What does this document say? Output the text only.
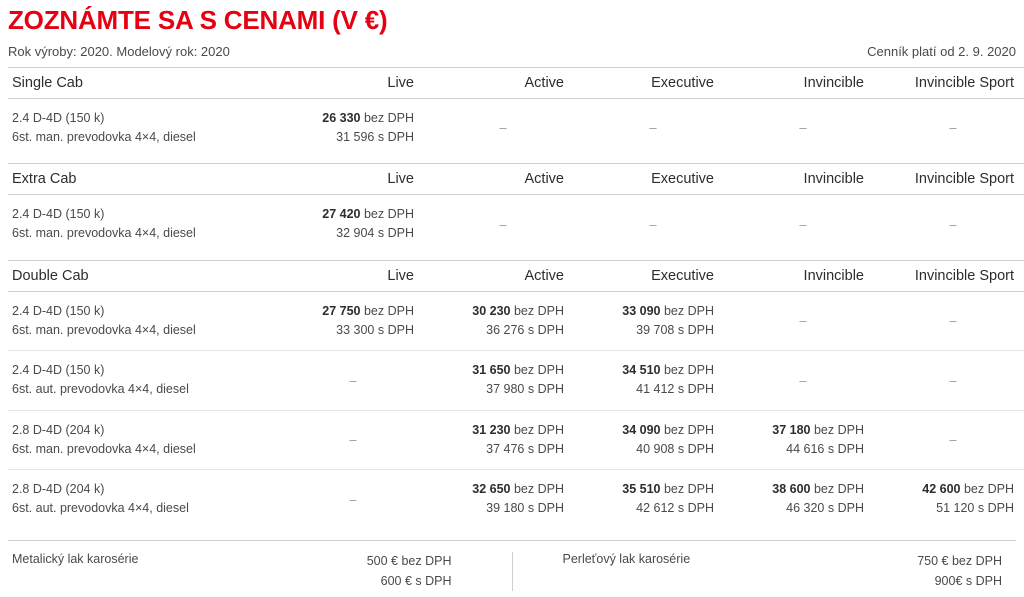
ZOZNÁMTE SA S CENAMI (V €)
Rok výroby: 2020. Modelový rok: 2020	Cenník platí od 2. 9. 2020
Single Cab	Live	Active	Executive	Invincible	Invincible Sport

2.4 D-4D (150 k)
6st. man. prevodovka 4×4, diesel

26 330 bez DPH
31 596 s DPH
	–	–	–	–

Extra Cab	Live	Active	Executive	Invincible	Invincible Sport

2.4 D-4D (150 k)
6st. man. prevodovka 4×4, diesel

27 420 bez DPH
32 904 s DPH
	–	–	–	–

Double Cab	Live	Active	Executive	Invincible	Invincible Sport

2.4 D-4D (150 k)
6st. man. prevodovka 4×4, diesel

27 750 bez DPH
33 300 s DPH

30 230 bez DPH
36 276 s DPH

33 090 bez DPH
39 708 s DPH
	–	–

2.4 D-4D (150 k)
6st. aut. prevodovka 4×4, diesel
	–	
31 650 bez DPH
37 980 s DPH

34 510 bez DPH
41 412 s DPH
	–	–

2.8 D-4D (204 k)
6st. man. prevodovka 4×4, diesel
	–	
31 230 bez DPH
37 476 s DPH

34 090 bez DPH
40 908 s DPH

37 180 bez DPH
44 616 s DPH
	–

2.8 D-4D (204 k)
6st. aut. prevodovka 4×4, diesel
	–	
32 650 bez DPH
39 180 s DPH

35 510 bez DPH
42 612 s DPH

38 600 bez DPH
46 320 s DPH

42 600 bez DPH
51 120 s DPH
Metalický lak karosérie	500 € bez DPH
600 € s DPH
Perleťový lak karosérie	750 € bez DPH
900€ s DPH
